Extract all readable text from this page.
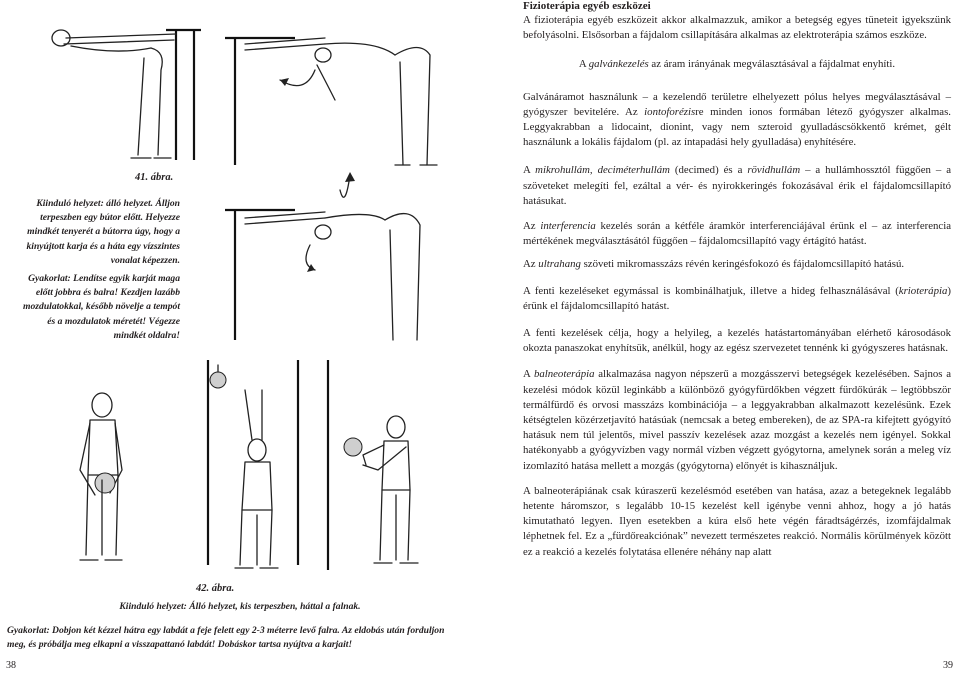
41. ábra.
Kiinduló helyzet: álló helyzet. Álljon terpeszben egy bútor előtt. Helyezze mindkét tenyerét a bútorra úgy, hogy a kinyújtott karja és a háta egy vízszintes vonalat képezzen.
Gyakorlat: Lendítse egyik karját maga előtt jobbra és balra! Kezdjen lazább mozdulatokkal, később növelje a tempót és a mozdulatok méretét! Végezze mindkét oldalra!
42. ábra.
Kiinduló helyzet: Álló helyzet, kis terpeszben, háttal a falnak.
Gyakorlat: Dobjon két kézzel hátra egy labdát a feje felett egy 2-3 méterre levő falra. Az eldobás után forduljon meg, és próbálja meg elkapni a visszapattanó labdát! Dobáskor tartsa nyújtva a karjait!
38
Fizioterápia egyéb eszközei

A fizioterápia egyéb eszközeit akkor alkalmazzuk, amikor a betegség egyes tüneteit igyekszünk befolyásolni. Elsősorban a fájdalom csillapítására alkalmas az elektroterápia számos eszköze.

A galvánkezelés az áram irányának megválasztásával a fájdalmat enyhíti.

Galvánáramot használunk – a kezelendő területre elhelyezett pólus helyes megválasztásával – gyógyszer bevitelére. Az iontoforézisre minden ionos formában létező gyógyszer alkalmas. Leggyakrabban a lidocaint, dionint, vagy nem szteroid gyulladáscsökkentő krémet, gélt használunk a lokális fájdalom (pl. az íntapadási hely gyulladása) enyhítésére.

A mikrohullám, deciméterhullám (decimed) és a rövidhullám – a hullámhossztól függően – a szöveteket melegíti fel, ezáltal a vér- és nyirokkeringés fokozásával érik el fájdalomcsillapító hatásukat.

Az interferencia kezelés során a kétféle áramkör interferenciájával érünk el – az interferencia mértékének megválasztásától függően – fájdalomcsillapító vagy értágító hatást.

Az ultrahang szöveti mikromasszázs révén keringésfokozó és fájdalomcsillapító hatású.

A fenti kezeléseket egymással is kombinálhatjuk, illetve a hideg felhasználásával (krioterápia) érünk el fájdalomcsillapító hatást.

A fenti kezelések célja, hogy a helyileg, a kezelés hatástartományában elérhető károsodások okozta panaszokat enyhítsük, anélkül, hogy az egész szervezetet tennénk ki gyógyszeres hatásnak.

A balneoterápia alkalmazása nagyon népszerű a mozgásszervi betegségek kezelésében. Sajnos a kezelési módok közül leginkább a különböző gyógyfürdőkben végzett fürdőkúrák – legtöbbször termálfürdő és orvosi masszázs kombinációja – a leggyakrabban alkalmazott kezelésünk. Ezek kétségtelen közérzetjavító hatásúak (nemcsak a beteg embereken), de az SPA-ra kifejtett gyógyító hatásuk nem túl jelentős, mivel passzív kezelések azaz mozgást a kezelés nem igényel. Sokkal hatékonyabb a gyógyvízben vagy normál vízben végzett gyógytorna, amelynek során a meleg víz izomlazító hatása mellett a mozgás (gyógytorna) előnyét is kihasználjuk.

A balneoterápiának csak kúraszerű kezelésmód esetében van hatása, azaz a betegeknek legalább hetente háromszor, s legalább 10-15 kezelést kell igénybe venni ahhoz, hogy a jó hatás kimutatható legyen. Ilyen esetekben a kúra első hete végén fáradtságérzés, izomfájdalmak léphetnek fel. Ez a „fürdőreakciónak” nevezett természetes reakció. Normális körülmények között ez a reakció a kezelés folytatása ellenére néhány nap alatt

39
